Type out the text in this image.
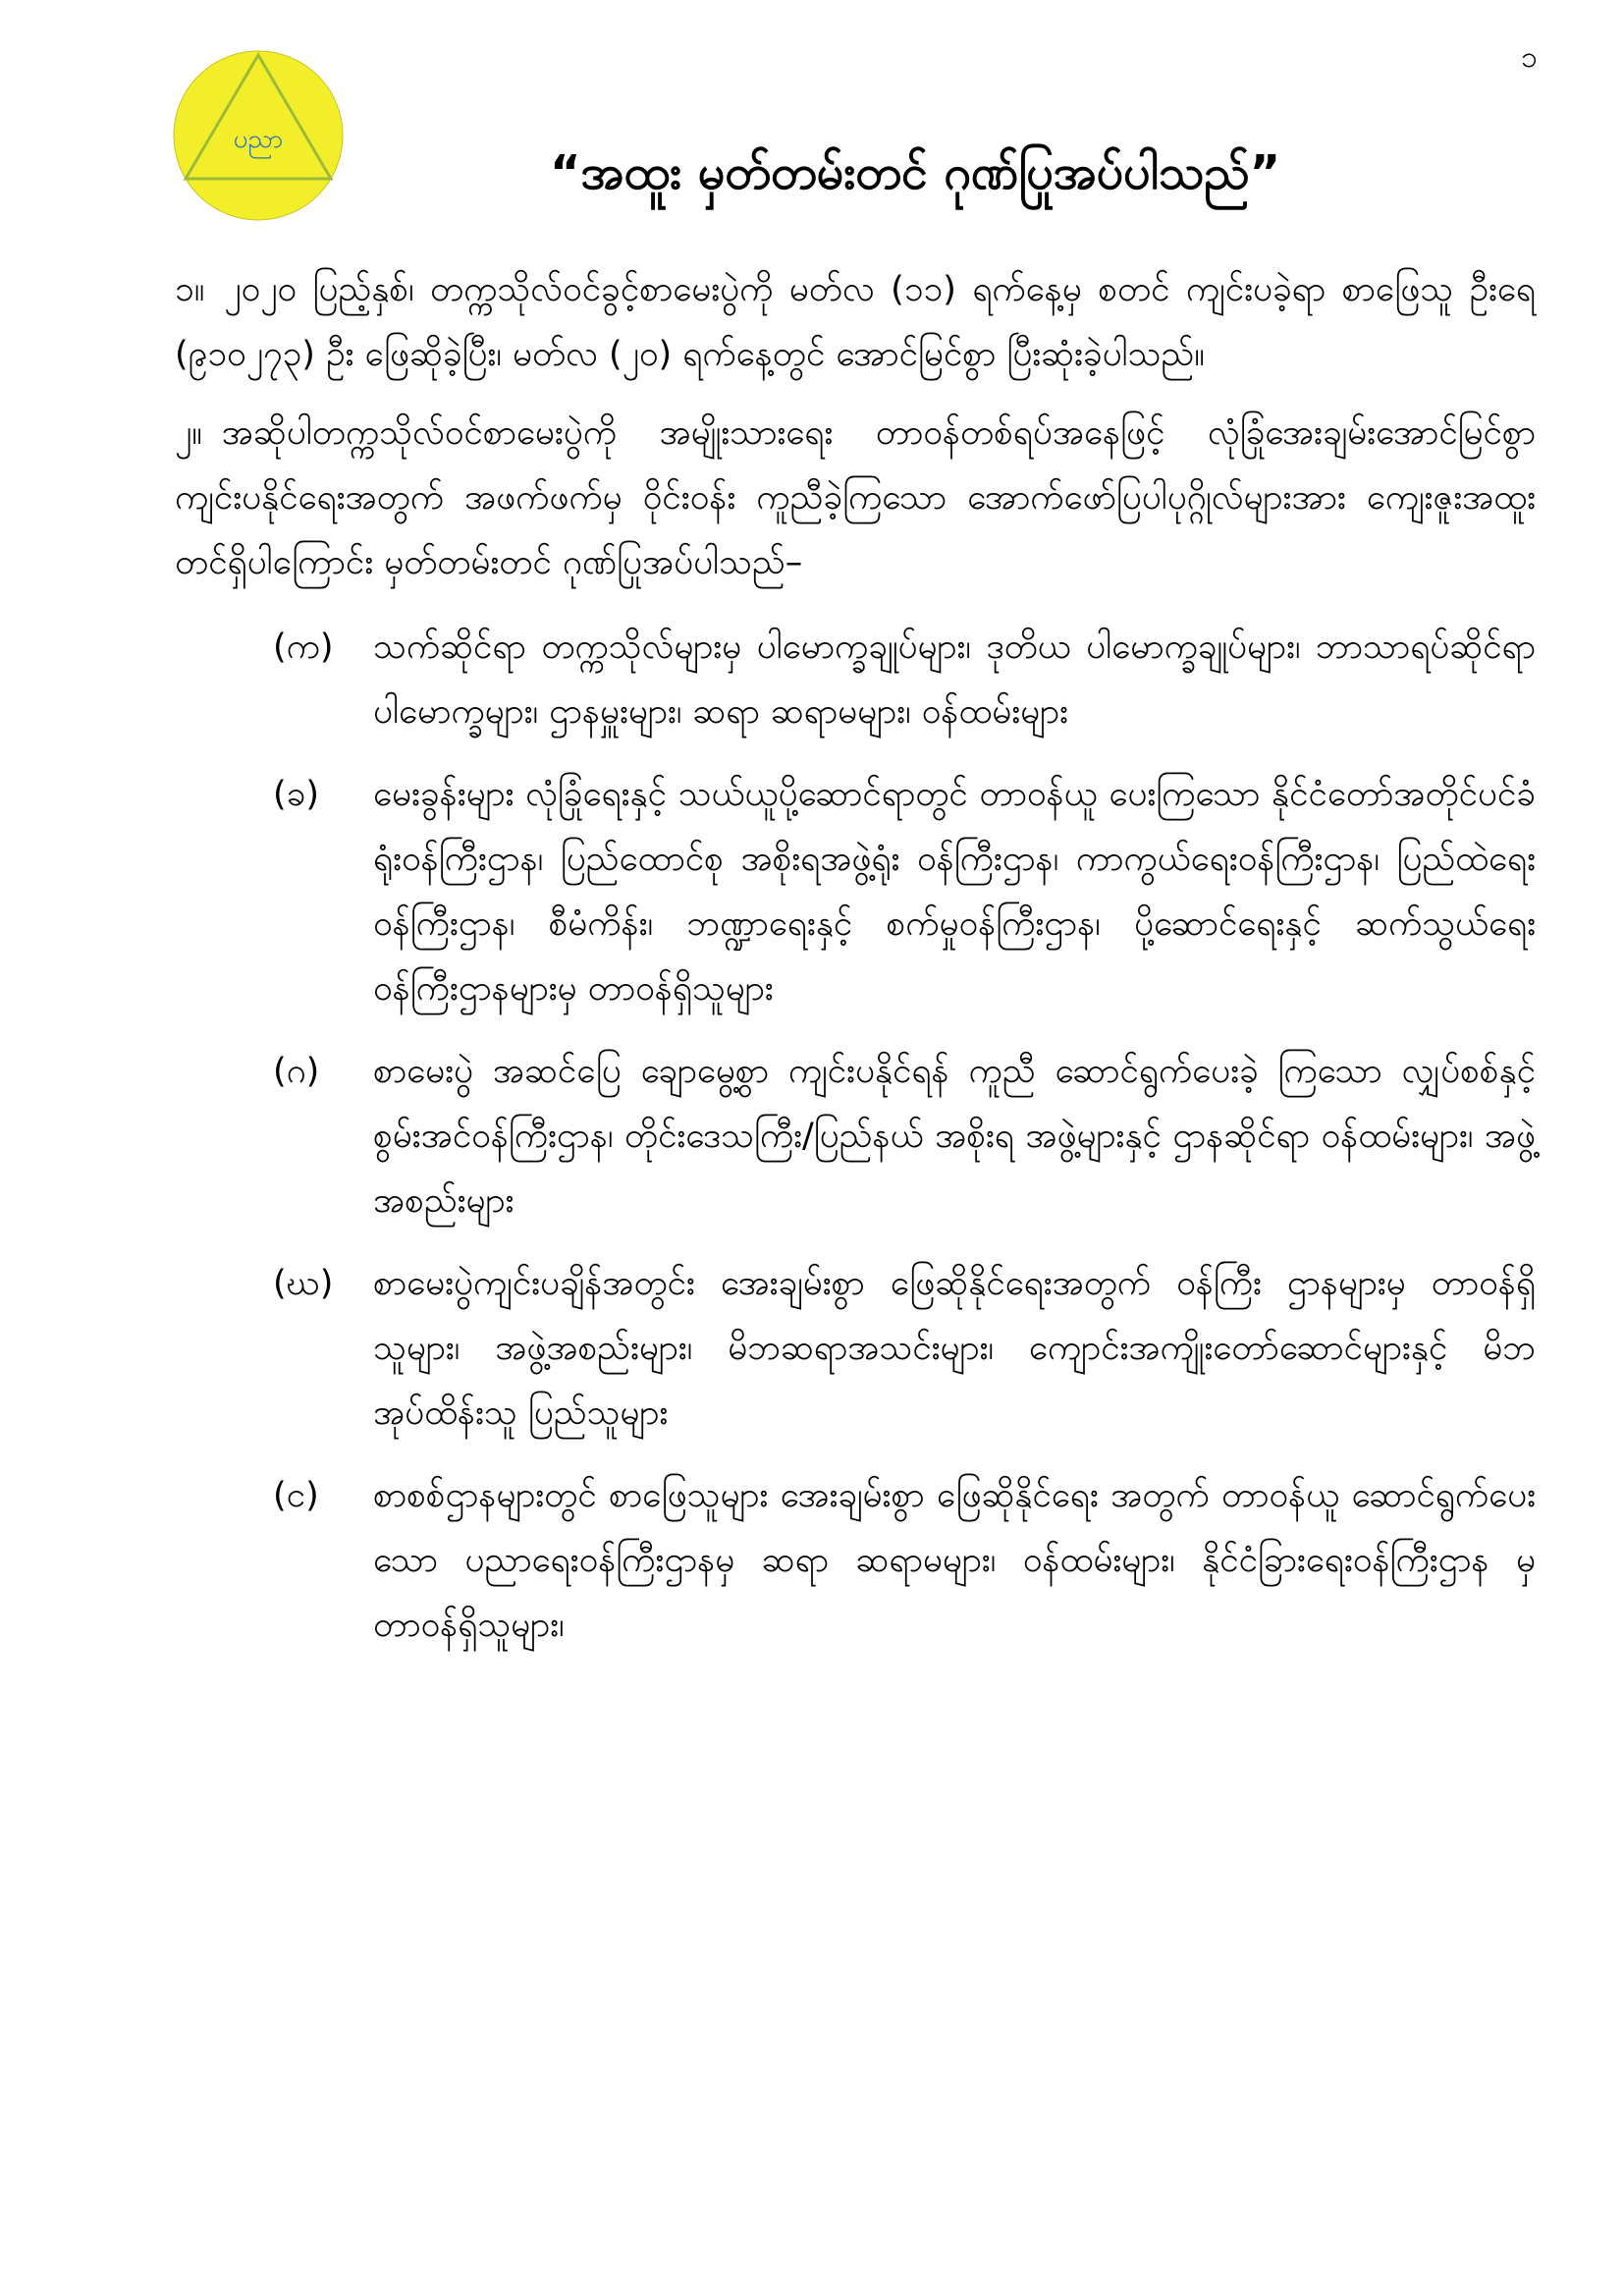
၁
ပညာ
“အထူး မှတ်တမ်းတင် ဂုဏ်ပြုအပ်ပါသည်”

၁။ ၂၀၂၀ ပြည့်နှစ်၊ တက္ကသိုလ်ဝင်ခွင့်စာမေးပွဲကို မတ်လ (၁၁) ရက်နေ့မှ စတင် ကျင်းပခဲ့ရာ စာဖြေသူ ဦးရေ (၉၁၀၂၇၃) ဦး ဖြေဆိုခဲ့ပြီး၊ မတ်လ (၂၀) ရက်နေ့တွင် အောင်မြင်စွာ ပြီးဆုံးခဲ့ပါသည်။

၂။ အဆိုပါတက္ကသိုလ်ဝင်စာမေးပွဲကို အမျိုးသားရေး တာဝန်တစ်ရပ်အနေဖြင့် လုံခြုံအေးချမ်းအောင်မြင်စွာ ကျင်းပနိုင်ရေးအတွက် အဖက်ဖက်မှ ဝိုင်းဝန်း ကူညီခဲ့ကြသော အောက်ဖော်ပြပါပုဂ္ဂိုလ်များအား ကျေးဇူးအထူးတင်ရှိပါကြောင်း မှတ်တမ်းတင် ဂုဏ်ပြုအပ်ပါသည်–

(က)	သက်ဆိုင်ရာ တက္ကသိုလ်များမှ ပါမောက္ခချုပ်များ၊ ဒုတိယ ပါမောက္ခချုပ်များ၊ ဘာသာရပ်ဆိုင်ရာ ပါမောက္ခများ၊ ဌာနမှူးများ၊ ဆရာ ဆရာမများ၊ ဝန်ထမ်းများ
(ခ)	မေးခွန်းများ လုံခြုံရေးနှင့် သယ်ယူပို့ဆောင်ရာတွင် တာဝန်ယူ ပေးကြသော နိုင်ငံတော်အတိုင်ပင်ခံရုံးဝန်ကြီးဌာန၊ ပြည်ထောင်စု အစိုးရအဖွဲ့ရုံး ဝန်ကြီးဌာန၊ ကာကွယ်ရေးဝန်ကြီးဌာန၊ ပြည်ထဲရေး ဝန်ကြီးဌာန၊ စီမံကိန်း၊ ဘဏ္ဍာရေးနှင့် စက်မှုဝန်ကြီးဌာန၊ ပို့ဆောင်ရေးနှင့် ဆက်သွယ်ရေး ဝန်ကြီးဌာနများမှ တာဝန်ရှိသူများ
(ဂ)	စာမေးပွဲ အဆင်ပြေ ချောမွေ့စွာ ကျင်းပနိုင်ရန် ကူညီ ဆောင်ရွက်ပေးခဲ့ ကြသော လျှပ်စစ်နှင့်စွမ်းအင်ဝန်ကြီးဌာန၊ တိုင်းဒေသကြီး/ပြည်နယ် အစိုးရ အဖွဲ့များနှင့် ဌာနဆိုင်ရာ ဝန်ထမ်းများ၊ အဖွဲ့အစည်းများ
(ဃ)	စာမေးပွဲကျင်းပချိန်အတွင်း အေးချမ်းစွာ ဖြေဆိုနိုင်ရေးအတွက် ဝန်ကြီး ဌာနများမှ တာဝန်ရှိသူများ၊ အဖွဲ့အစည်းများ၊ မိဘဆရာအသင်းများ၊ ကျောင်းအကျိုးတော်ဆောင်များနှင့် မိဘ အုပ်ထိန်းသူ ပြည်သူများ
(င)	စာစစ်ဌာနများတွင် စာဖြေသူများ အေးချမ်းစွာ ဖြေဆိုနိုင်ရေး အတွက် တာဝန်ယူ ဆောင်ရွက်ပေးသော ပညာရေးဝန်ကြီးဌာနမှ ဆရာ ဆရာမများ၊ ဝန်ထမ်းများ၊ နိုင်ငံခြားရေးဝန်ကြီးဌာန မှ တာဝန်ရှိသူများ၊
